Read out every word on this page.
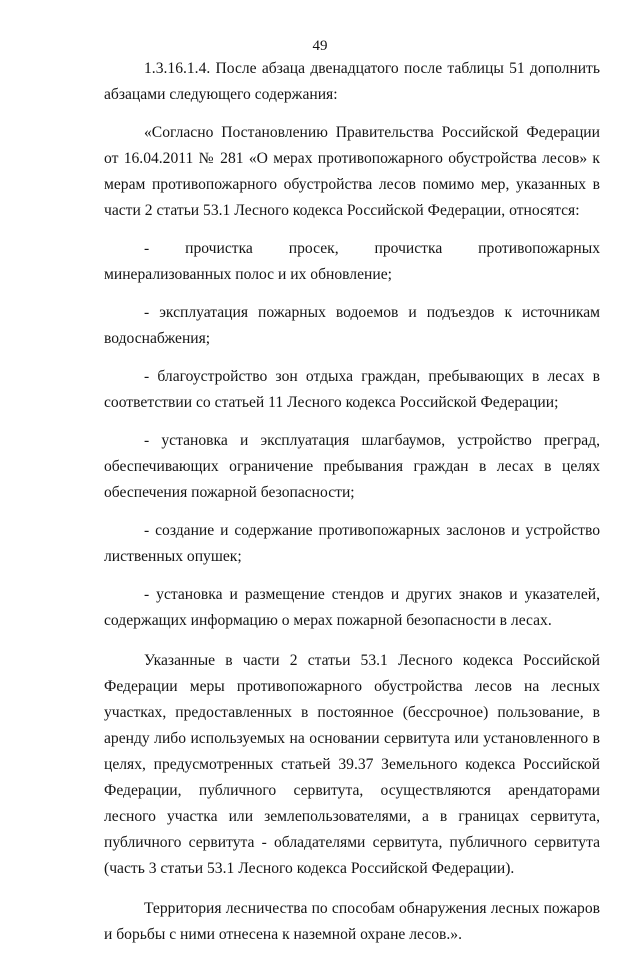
49

1.3.16.1.4. После абзаца двенадцатого после таблицы 51 дополнить абзацами следующего содержания:

«Согласно Постановлению Правительства Российской Федерации от 16.04.2011 № 281 «О мерах противопожарного обустройства лесов» к мерам противопожарного обустройства лесов помимо мер, указанных в части 2 статьи 53.1 Лесного кодекса Российской Федерации, относятся:

- прочистка просек, прочистка противопожарных минерализованных полос и их обновление;

- эксплуатация пожарных водоемов и подъездов к источникам водоснабжения;

- благоустройство зон отдыха граждан, пребывающих в лесах в соответствии со статьей 11 Лесного кодекса Российской Федерации;

- установка и эксплуатация шлагбаумов, устройство преград, обеспечивающих ограничение пребывания граждан в лесах в целях обеспечения пожарной безопасности;

- создание и содержание противопожарных заслонов и устройство лиственных опушек;

- установка и размещение стендов и других знаков и указателей, содержащих информацию о мерах пожарной безопасности в лесах.

Указанные в части 2 статьи 53.1 Лесного кодекса Российской Федерации меры противопожарного обустройства лесов на лесных участках, предоставленных в постоянное (бессрочное) пользование, в аренду либо используемых на основании сервитута или установленного в целях, предусмотренных статьей 39.37 Земельного кодекса Российской Федерации, публичного сервитута, осуществляются арендаторами лесного участка или землепользователями, а в границах сервитута, публичного сервитута - обладателями сервитута, публичного сервитута (часть 3 статьи 53.1 Лесного кодекса Российской Федерации).

Территория лесничества по способам обнаружения лесных пожаров и борьбы с ними отнесена к наземной охране лесов.».
